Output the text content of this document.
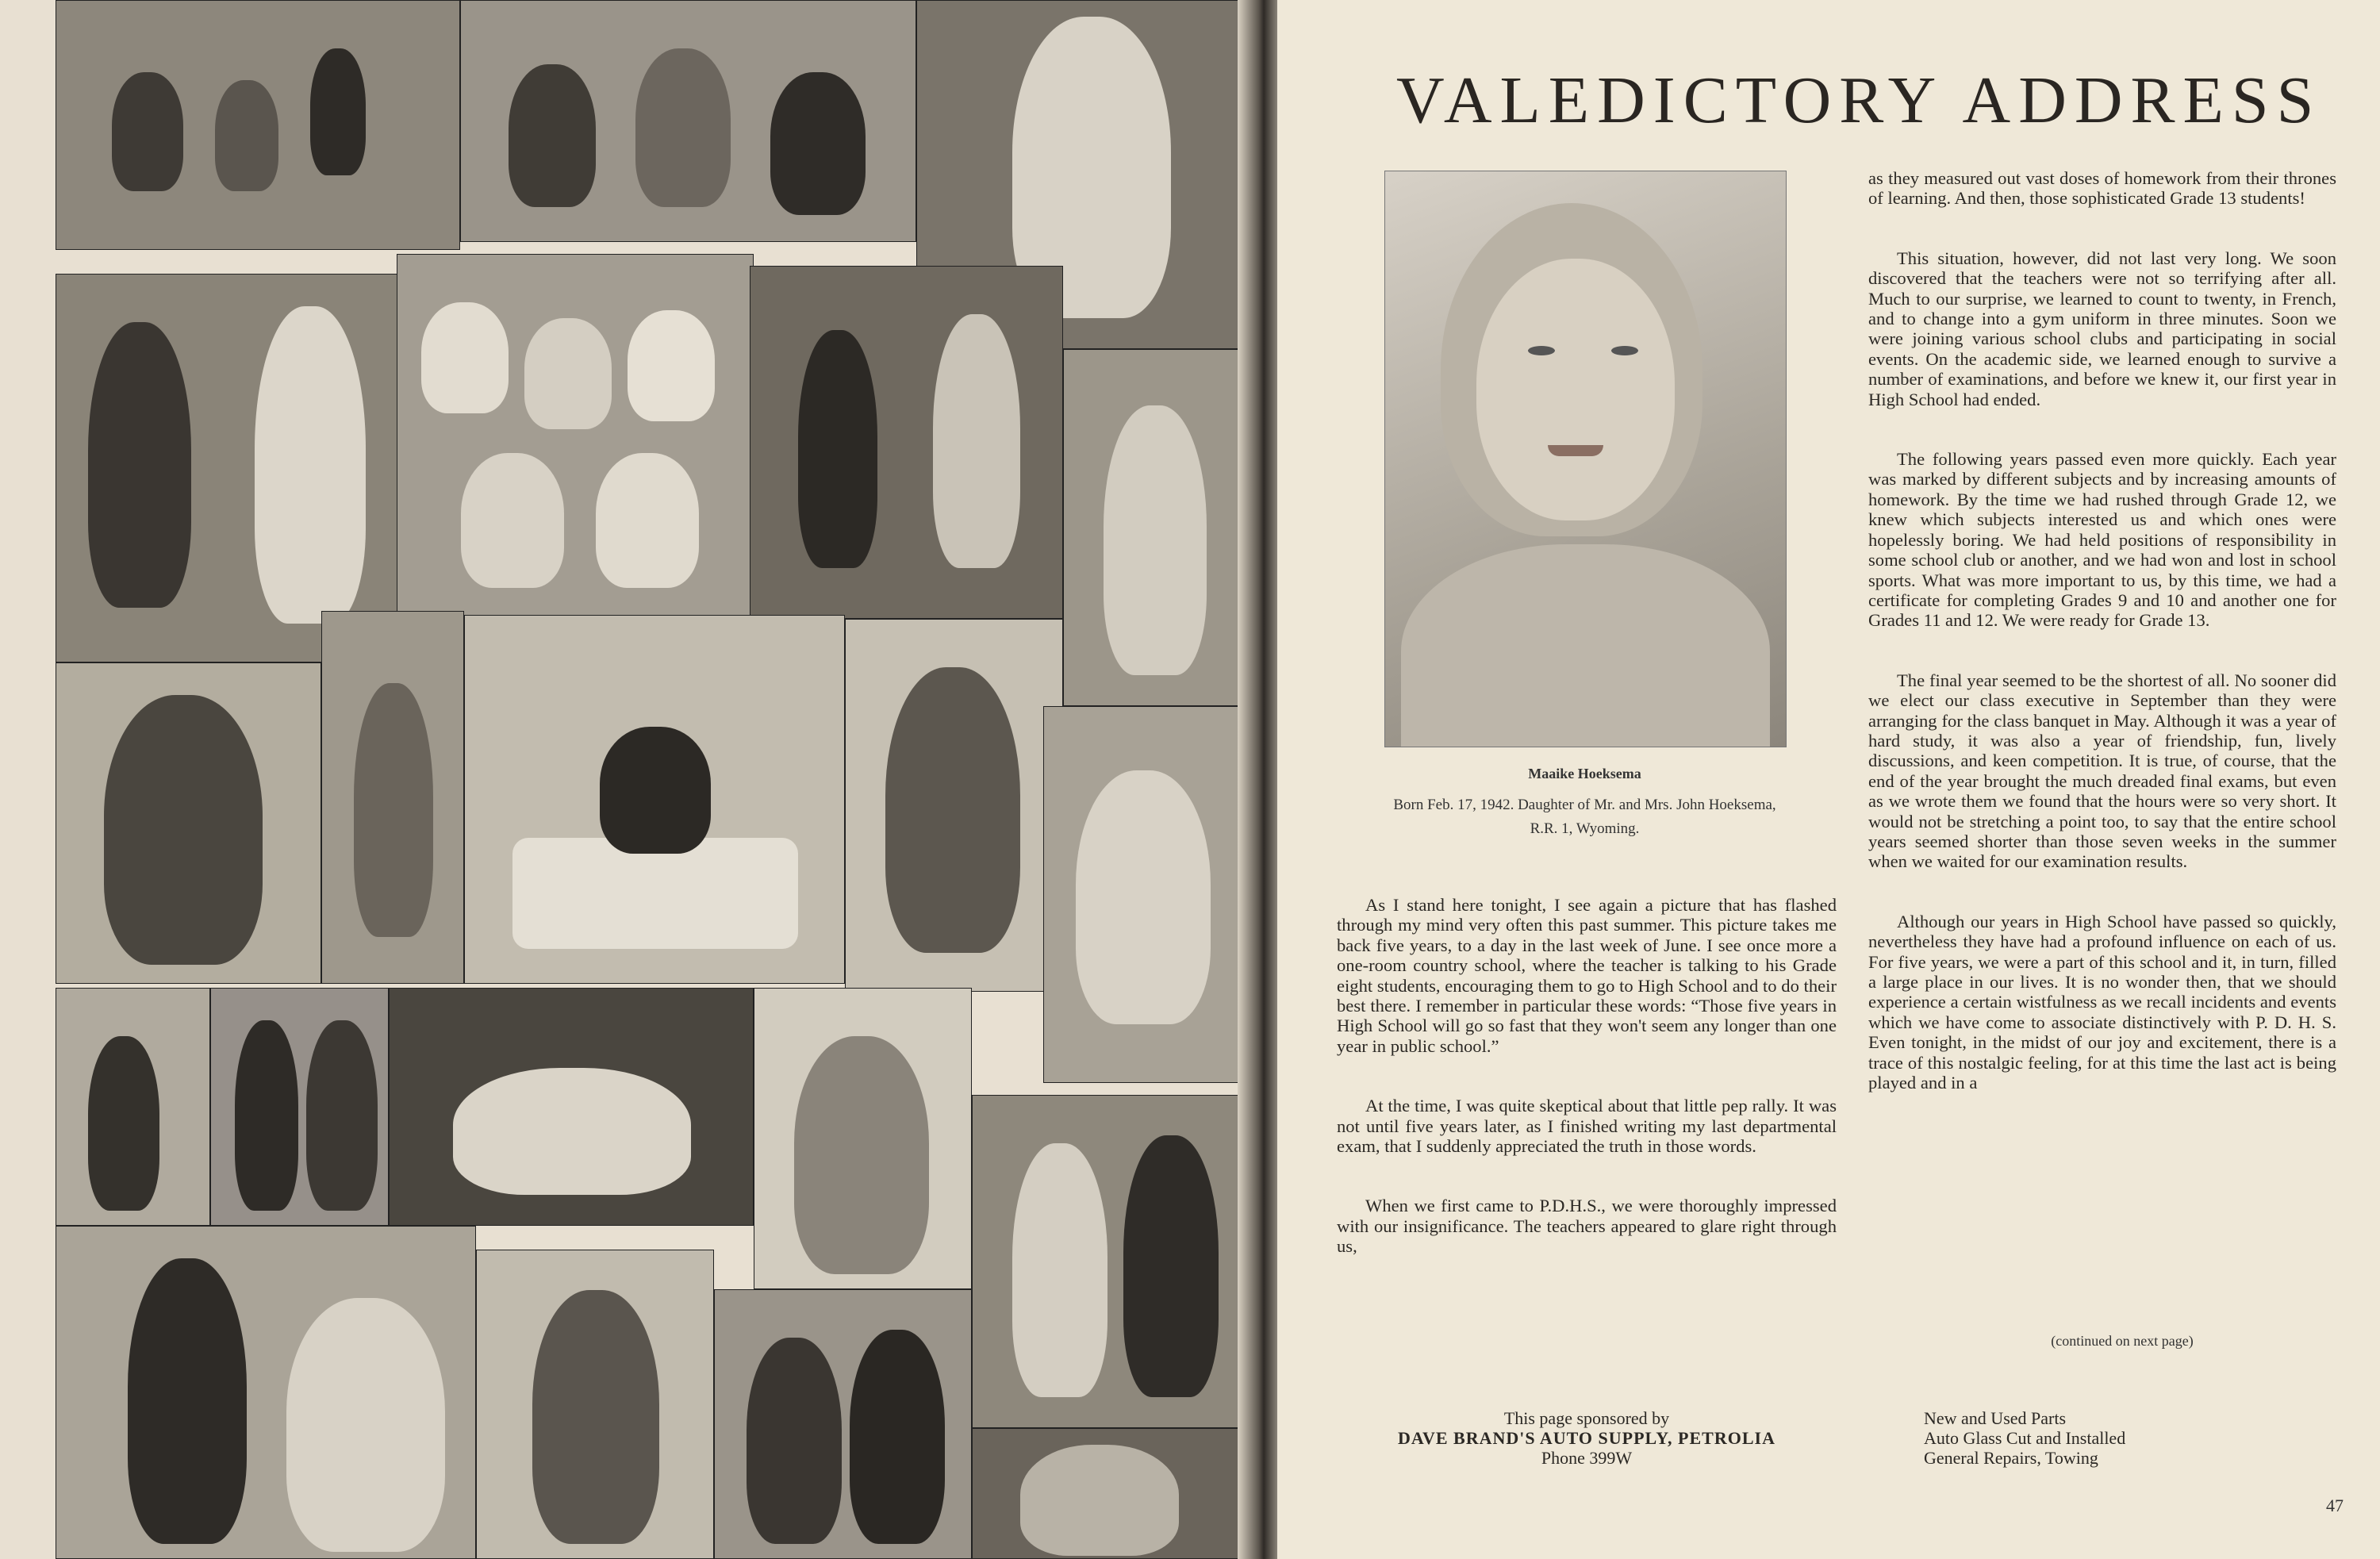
VALEDICTORY ADDRESS
Maaike Hoeksema
Born Feb. 17, 1942. Daughter of Mr. and Mrs. John Hoeksema, R.R. 1, Wyoming.

As I stand here tonight, I see again a picture that has flashed through my mind very often this past summer. This picture takes me back five years, to a day in the last week of June. I see once more a one-room country school, where the teacher is talking to his Grade eight students, encouraging them to go to High School and to do their best there. I remember in particular these words: “Those five years in High School will go so fast that they won't seem any longer than one year in public school.”

At the time, I was quite skeptical about that little pep rally. It was not until five years later, as I finished writing my last departmental exam, that I suddenly appreciated the truth in those words.

When we first came to P.D.H.S., we were thoroughly impressed with our insignificance. The teachers appeared to glare right through us,

as they measured out vast doses of homework from their thrones of learning. And then, those sophisticated Grade 13 students!

This situation, however, did not last very long. We soon discovered that the teachers were not so terrifying after all. Much to our surprise, we learned to count to twenty, in French, and to change into a gym uniform in three minutes. Soon we were joining various school clubs and participating in social events. On the academic side, we learned enough to survive a number of examinations, and before we knew it, our first year in High School had ended.

The following years passed even more quickly. Each year was marked by different subjects and by increasing amounts of homework. By the time we had rushed through Grade 12, we knew which subjects interested us and which ones were hopelessly boring. We had held positions of responsibility in some school club or another, and we had won and lost in school sports. What was more important to us, by this time, we had a certificate for completing Grades 9 and 10 and another one for Grades 11 and 12. We were ready for Grade 13.

The final year seemed to be the shortest of all. No sooner did we elect our class executive in September than they were arranging for the class banquet in May. Although it was a year of hard study, it was also a year of friendship, fun, lively discussions, and keen competition. It is true, of course, that the end of the year brought the much dreaded final exams, but even as we wrote them we found that the hours were so very short. It would not be stretching a point too, to say that the entire school years seemed shorter than those seven weeks in the summer when we waited for our examination results.

Although our years in High School have passed so quickly, nevertheless they have had a profound influence on each of us. For five years, we were a part of this school and it, in turn, filled a large place in our lives. It is no wonder then, that we should experience a certain wistfulness as we recall incidents and events which we have come to associate distinctively with P. D. H. S. Even tonight, in the midst of our joy and excitement, there is a trace of this nostalgic feeling, for at this time the last act is being played and in a

(continued on next page)
This page sponsored by
DAVE BRAND'S AUTO SUPPLY, PETROLIA
Phone 399W
New and Used Parts
Auto Glass Cut and Installed
General Repairs, Towing
47
